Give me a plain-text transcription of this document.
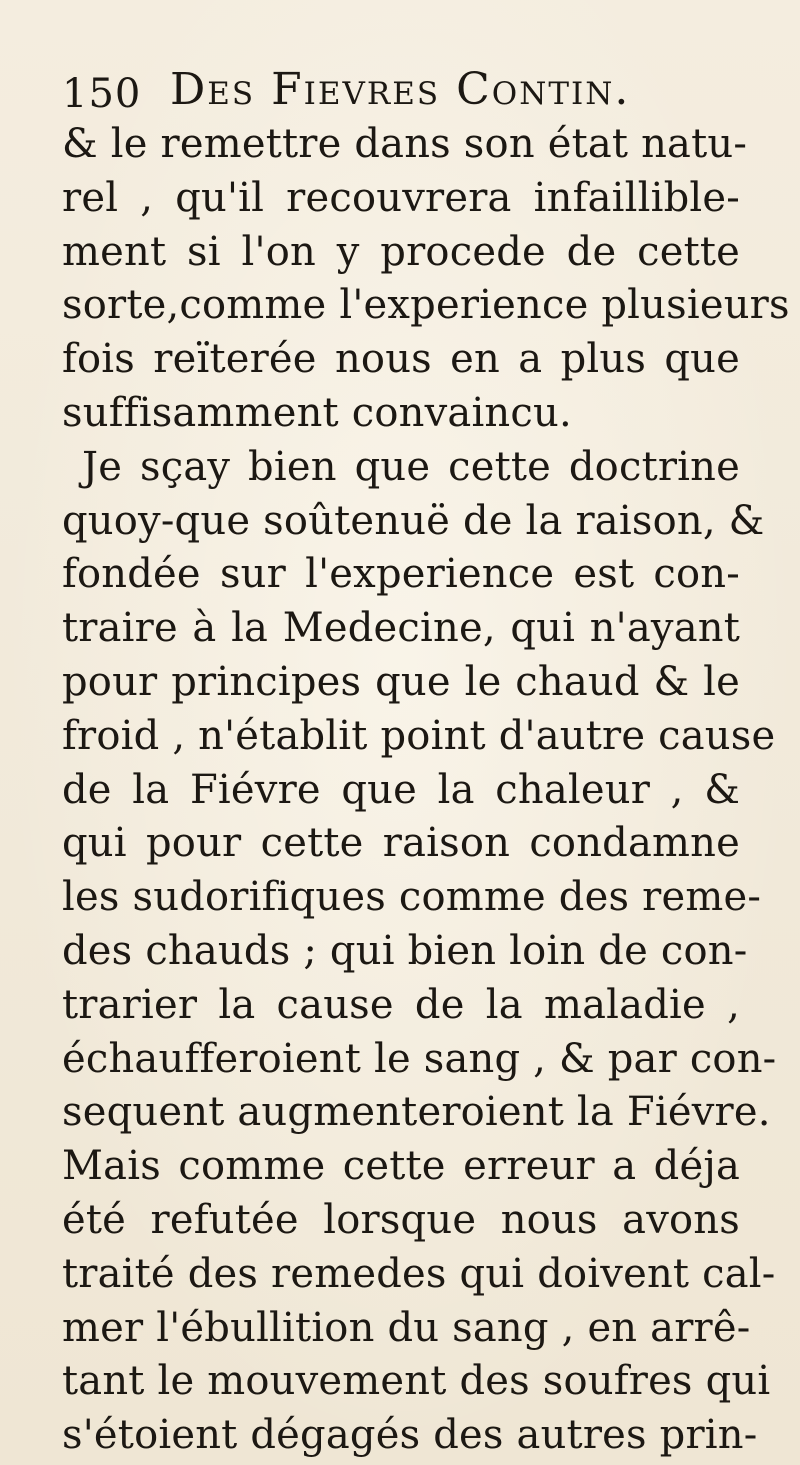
150 Des Fievres Contin.
& le remettre dans son état natu-
rel , qu'il recouvrera infaillible-
ment si l'on y procede de cette
sorte,comme l'experience plusieurs
fois reïterée nous en a plus que
suffisamment convaincu.
Je sçay bien que cette doctrine
quoy-que soûtenuë de la raison, &
fondée sur l'experience est con-
traire à la Medecine, qui n'ayant
pour principes que le chaud & le
froid , n'établit point d'autre cause
de la Fiévre que la chaleur , &
qui pour cette raison condamne
les sudorifiques comme des reme-
des chauds ; qui bien loin de con-
trarier la cause de la maladie ,
échaufferoient le sang , & par con-
sequent augmenteroient la Fiévre.
Mais comme cette erreur a déja
été refutée lorsque nous avons
traité des remedes qui doivent cal-
mer l'ébullition du sang , en arrê-
tant le mouvement des soufres qui
s'étoient dégagés des autres prin-
